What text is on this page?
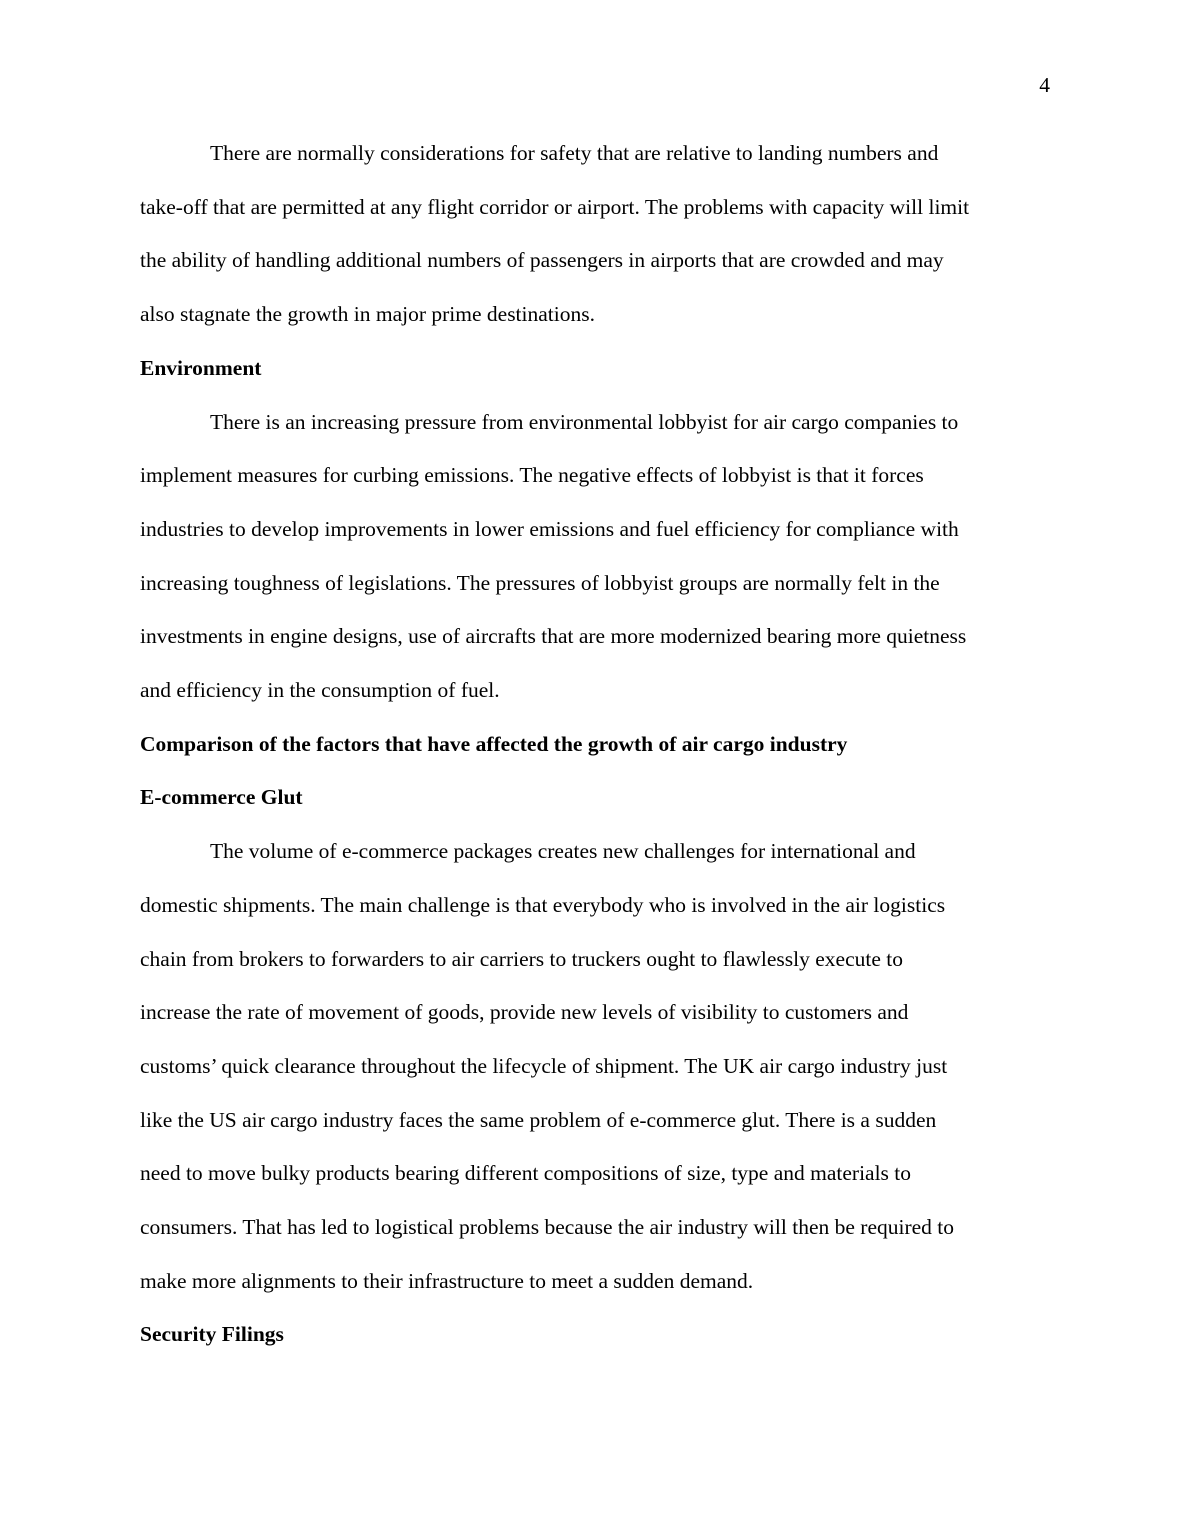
4

There are normally considerations for safety that are relative to landing numbers and
take-off that are permitted at any flight corridor or airport. The problems with capacity will limit
the ability of handling additional numbers of passengers in airports that are crowded and may
also stagnate the growth in major prime destinations.

Environment

There is an increasing pressure from environmental lobbyist for air cargo companies to
implement measures for curbing emissions. The negative effects of lobbyist is that it forces
industries to develop improvements in lower emissions and fuel efficiency for compliance with
increasing toughness of legislations. The pressures of lobbyist groups are normally felt in the
investments in engine designs, use of aircrafts that are more modernized bearing more quietness
and efficiency in the consumption of fuel.

Comparison of the factors that have affected the growth of air cargo industry
E-commerce Glut

The volume of e-commerce packages creates new challenges for international and
domestic shipments. The main challenge is that everybody who is involved in the air logistics
chain from brokers to forwarders to air carriers to truckers ought to flawlessly execute to
increase the rate of movement of goods, provide new levels of visibility to customers and
customs’ quick clearance throughout the lifecycle of shipment. The UK air cargo industry just
like the US air cargo industry faces the same problem of e-commerce glut. There is a sudden
need to move bulky products bearing different compositions of size, type and materials to
consumers. That has led to logistical problems because the air industry will then be required to
make more alignments to their infrastructure to meet a sudden demand.

Security Filings
